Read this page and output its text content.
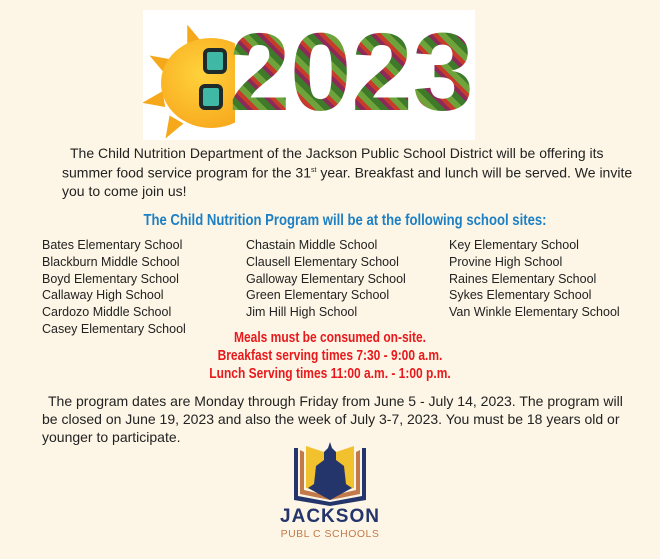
2023

The Child Nutrition Department of the Jackson Public School District will be offering its summer food service program for the 31st year. Breakfast and lunch will be served. We invite you to come join us!

The Child Nutrition Program will be at the following school sites:
Bates Elementary School
Blackburn Middle School
Boyd Elementary School
Callaway High School
Cardozo Middle School
Casey Elementary School
Chastain Middle School
Clausell Elementary School
Galloway Elementary School
Green Elementary School
Jim Hill High School
Key Elementary School
Provine High School
Raines Elementary School
Sykes Elementary School
Van Winkle Elementary School
Meals must be consumed on-site.
Breakfast serving times 7:30 - 9:00 a.m.
Lunch Serving times 11:00 a.m. - 1:00 p.m.

The program dates are Monday through Friday from June 5 - July 14, 2023. The program will be closed on June 19, 2023 and also the week of July 3-7, 2023. You must be 18 years old or younger to participate.

JACKSON
PUBL C SCHOOLS
